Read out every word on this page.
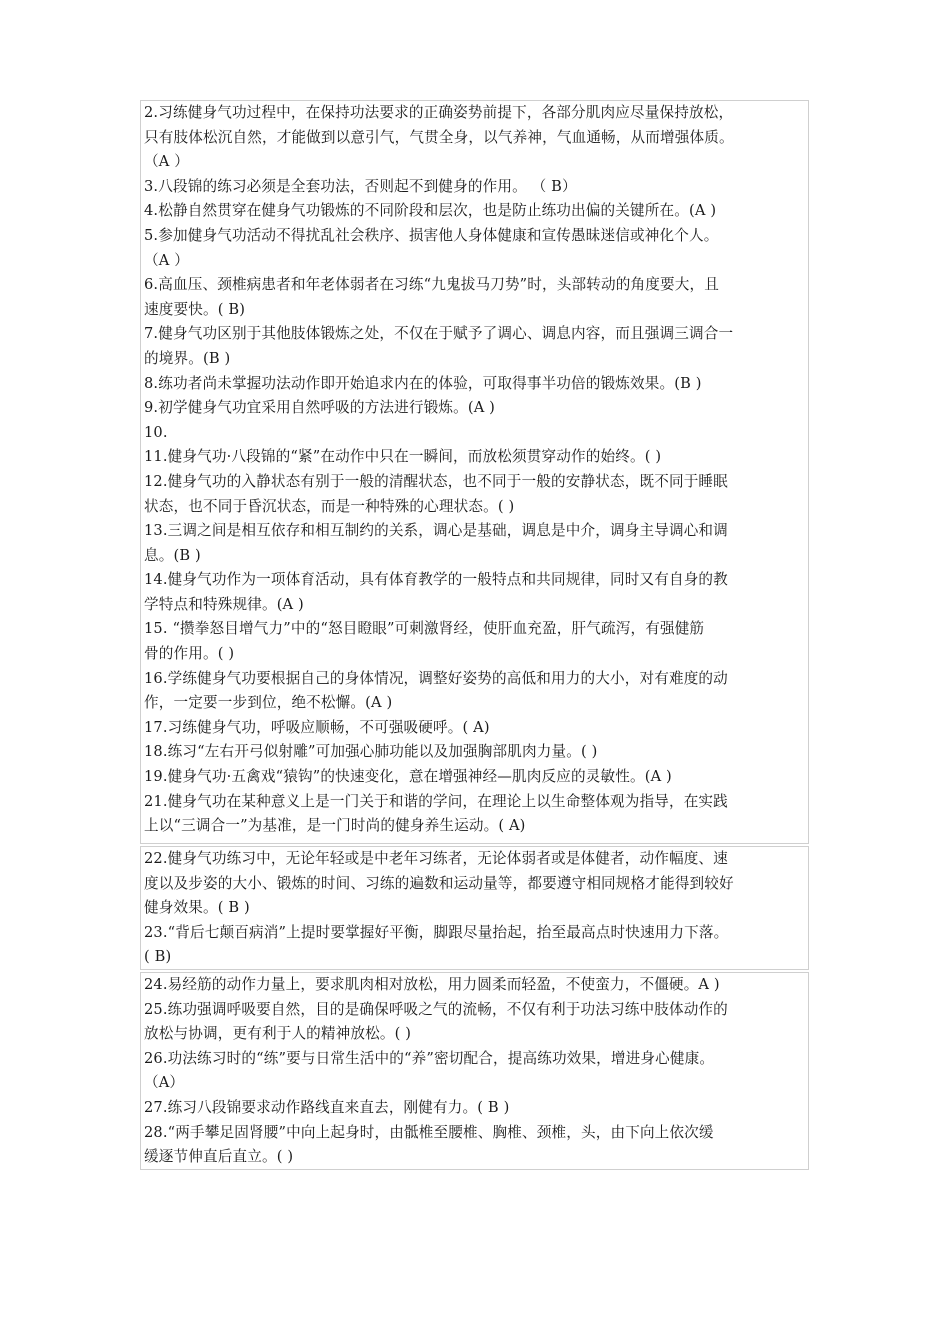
2.习练健身气功过程中，在保持功法要求的正确姿势前提下，各部分肌肉应尽量保持放松，
只有肢体松沉自然，才能做到以意引气，气贯全身，以气养神，气血通畅，从而增强体质。
（A ）
3.八段锦的练习必须是全套功法，否则起不到健身的作用。 （ B）
4.松静自然贯穿在健身气功锻炼的不同阶段和层次，也是防止练功出偏的关键所在。(A )
5.参加健身气功活动不得扰乱社会秩序、损害他人身体健康和宣传愚昧迷信或神化个人。
（A ）
6.高血压、颈椎病患者和年老体弱者在习练“九鬼拔马刀势”时，头部转动的角度要大，且
速度要快。( B)
7.健身气功区别于其他肢体锻炼之处，不仅在于赋予了调心、调息内容，而且强调三调合一
的境界。(B )
8.练功者尚未掌握功法动作即开始追求内在的体验，可取得事半功倍的锻炼效果。(B )
9.初学健身气功宜采用自然呼吸的方法进行锻炼。(A )
10.
11.健身气功·八段锦的“紧”在动作中只在一瞬间，而放松须贯穿动作的始终。( )
12.健身气功的入静状态有别于一般的清醒状态，也不同于一般的安静状态，既不同于睡眠
状态，也不同于昏沉状态，而是一种特殊的心理状态。( )
13.三调之间是相互依存和相互制约的关系，调心是基础，调息是中介，调身主导调心和调
息。(B )
14.健身气功作为一项体育活动，具有体育教学的一般特点和共同规律，同时又有自身的教
学特点和特殊规律。(A )
15. “攒拳怒目增气力”中的“怒目瞪眼”可刺激肾经，使肝血充盈，肝气疏泻，有强健筋
骨的作用。( )
16.学练健身气功要根据自己的身体情况，调整好姿势的高低和用力的大小，对有难度的动
作，一定要一步到位，绝不松懈。(A )
17.习练健身气功，呼吸应顺畅，不可强吸硬呼。( A)
18.练习“左右开弓似射雕”可加强心肺功能以及加强胸部肌肉力量。( )
19.健身气功·五禽戏“猿钩”的快速变化，意在增强神经—肌肉反应的灵敏性。(A )
21.健身气功在某种意义上是一门关于和谐的学问，在理论上以生命整体观为指导，在实践
上以“三调合一”为基准，是一门时尚的健身养生运动。( A)
22.健身气功练习中，无论年轻或是中老年习练者，无论体弱者或是体健者，动作幅度、速
度以及步姿的大小、锻炼的时间、习练的遍数和运动量等，都要遵守相同规格才能得到较好
健身效果。( B )
23.“背后七颠百病消”上提时要掌握好平衡，脚跟尽量抬起，抬至最高点时快速用力下落。
( B)
24.易经筋的动作力量上，要求肌肉相对放松，用力圆柔而轻盈，不使蛮力，不僵硬。A )
25.练功强调呼吸要自然，目的是确保呼吸之气的流畅，不仅有利于功法习练中肢体动作的
放松与协调，更有利于人的精神放松。( )
26.功法练习时的“练”要与日常生活中的“养”密切配合，提高练功效果，增进身心健康。
（A）
27.练习八段锦要求动作路线直来直去，刚健有力。( B )
28.“两手攀足固肾腰”中向上起身时，由骶椎至腰椎、胸椎、颈椎，头，由下向上依次缓
缓逐节伸直后直立。( )
